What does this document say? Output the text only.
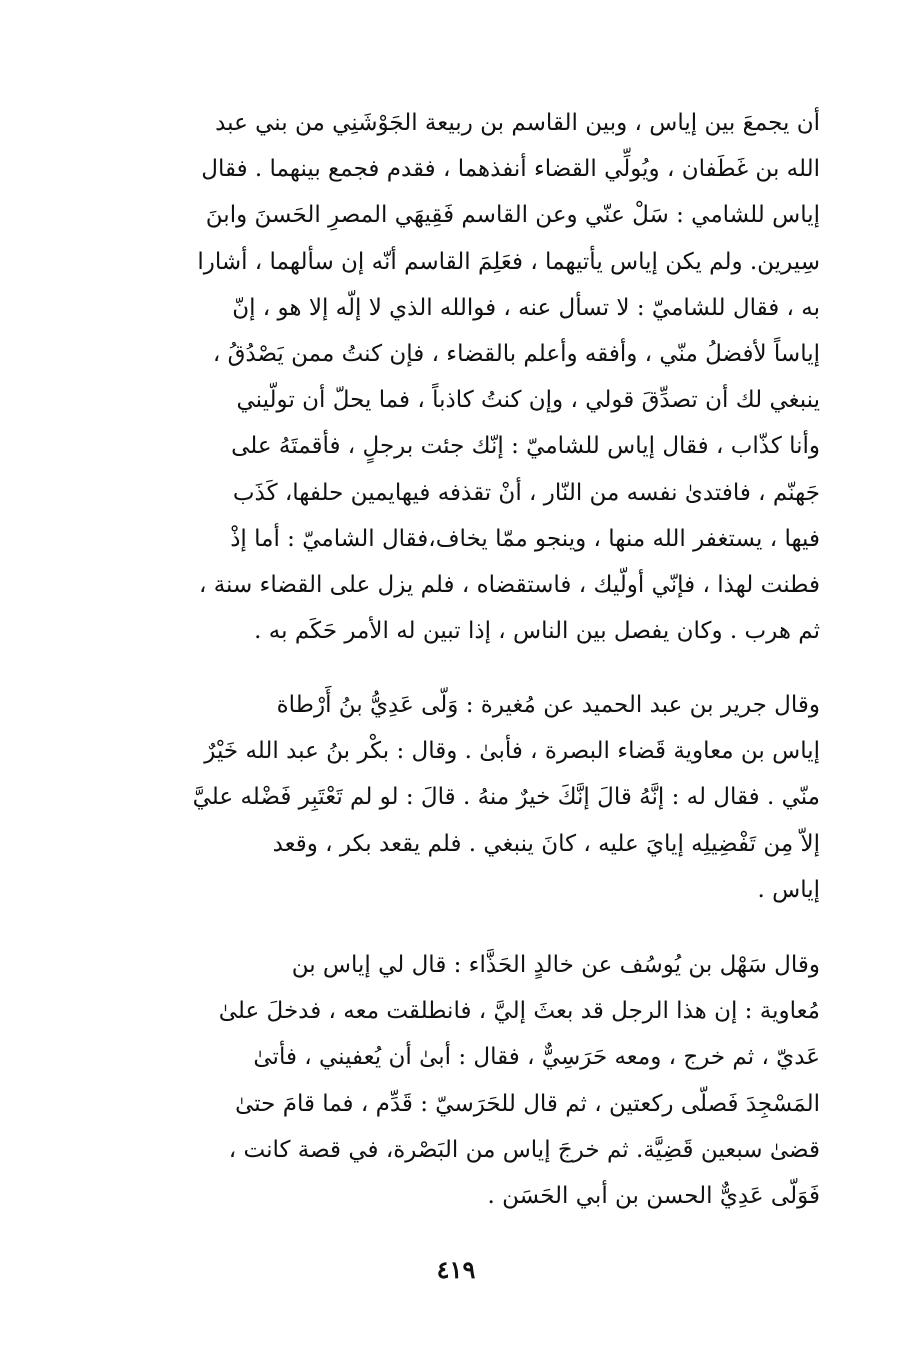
أن يجمعَ بين إياس ، وبين القاسم بن ربيعة الجَوْشَنِي من بني عبد
الله بن غَطَفان ، ويُولِّي القضاء أنفذهما ، فقدم فجمع بينهما . فقال
إياس للشامي : سَلْ عنّي وعن القاسم فَقِيهَي المصرِ الحَسنَ وابنَ
سِيرين. ولم يكن إياس يأتيهما ، فعَلِمَ القاسم أنّه إن سألهما ، أشارا
به ، فقال للشاميّ : لا تسأل عنه ، فوالله الذي لا إلّه إلا هو ، إنّ
إياساً لأفضلُ منّي ، وأفقه وأعلم بالقضاء ، فإن كنتُ ممن يَصْدُقُ ،
ينبغي لك أن تصدِّقَ قولي ، وإن كنتُ كاذباً ، فما يحلّ أن تولّيني
وأنا كذّاب ، فقال إياس للشاميّ : إنّك جئت برجلٍ ، فأقمتَهُ على
جَهنّم ، فافتدىٰ نفسه من النّار ، أنْ تقذفه فيهايمين حلفها، كَذَب
فيها ، يستغفر الله منها ، وينجو ممّا يخاف،فقال الشاميّ : أما إذْ
فطنت لهذا ، فإنّي أولّيك ، فاستقضاه ، فلم يزل على القضاء سنة ،
ثم هرب . وكان يفصل بين الناس ، إذا تبين له الأمر حَكَم به .
وقال جرير بن عبد الحميد عن مُغيرة : وَلّى عَدِيُّ بنُ أَرْطاة
إياس بن معاوية قَضاء البصرة ، فأبىٰ . وقال : بكْر بنُ عبد الله خَيْرٌ
منّي . فقال له : إنَّهُ قالَ إنَّكَ خيرٌ منهُ . قالَ : لو لم تَعْتَبِر فَضْله عليَّ
إلاّ مِن تَفْضِيلِه إيايَ عليه ، كانَ ينبغي . فلم يقعد بكر ، وقعد
إياس .
وقال سَهْل بن يُوسُف عن خالدٍ الحَذَّاء : قال لي إياس بن
مُعاوية : إن هذا الرجل قد بعثَ إليَّ ، فانطلقت معه ، فدخلَ علىٰ
عَديّ ، ثم خرج ، ومعه حَرَسِيٌّ ، فقال : أبىٰ أن يُعفيني ، فأتىٰ
المَسْجِدَ فَصلّى ركعتين ، ثم قال للحَرَسيّ : قَدِّم ، فما قامَ حتىٰ
قضىٰ سبعين قَضِيَّة. ثم خرجَ إياس من البَصْرة، في قصة كانت ،
فَوَلّى عَدِيٌّ الحسن بن أبي الحَسَن .
٤١٩
